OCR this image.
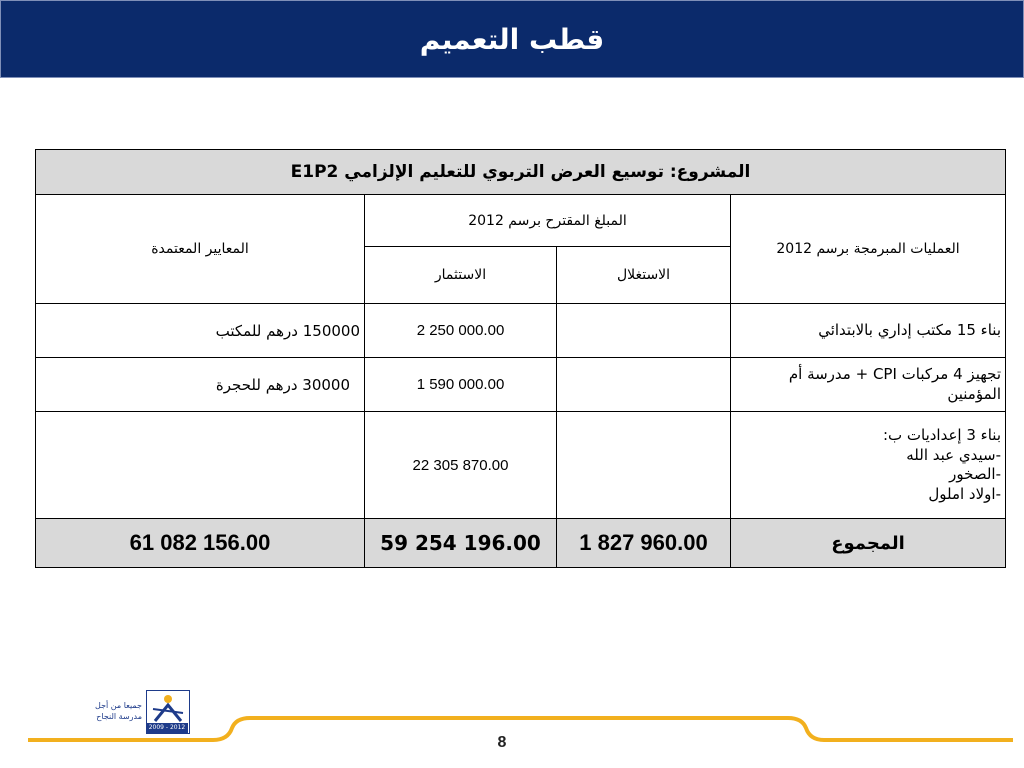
قطب التعميم
المشروع: توسيع العرض التربوي للتعليم الإلزامي E1P2			
المعايير المعتمدة	المبلغ المقترح برسم 2012		العمليات المبرمجة برسم 2012
	الاستثمار	الاستغلال	
150000 درهم للمكتب	2 250 000.00		بناء 15 مكتب إداري بالابتدائي
30000 درهم للحجرة	1 590 000.00		تجهيز 4 مركبات CPI + مدرسة أم المؤمنين
	22 305 870.00		بناء 3 إعداديات ب:
-سيدي عبد الله
-الصخور
-اولاد املول

61 082 156.00	59 254 196.00	1 827 960.00	المجموع
جميعا من أجل
مدرسة النجاح
2009 - 2012
8
